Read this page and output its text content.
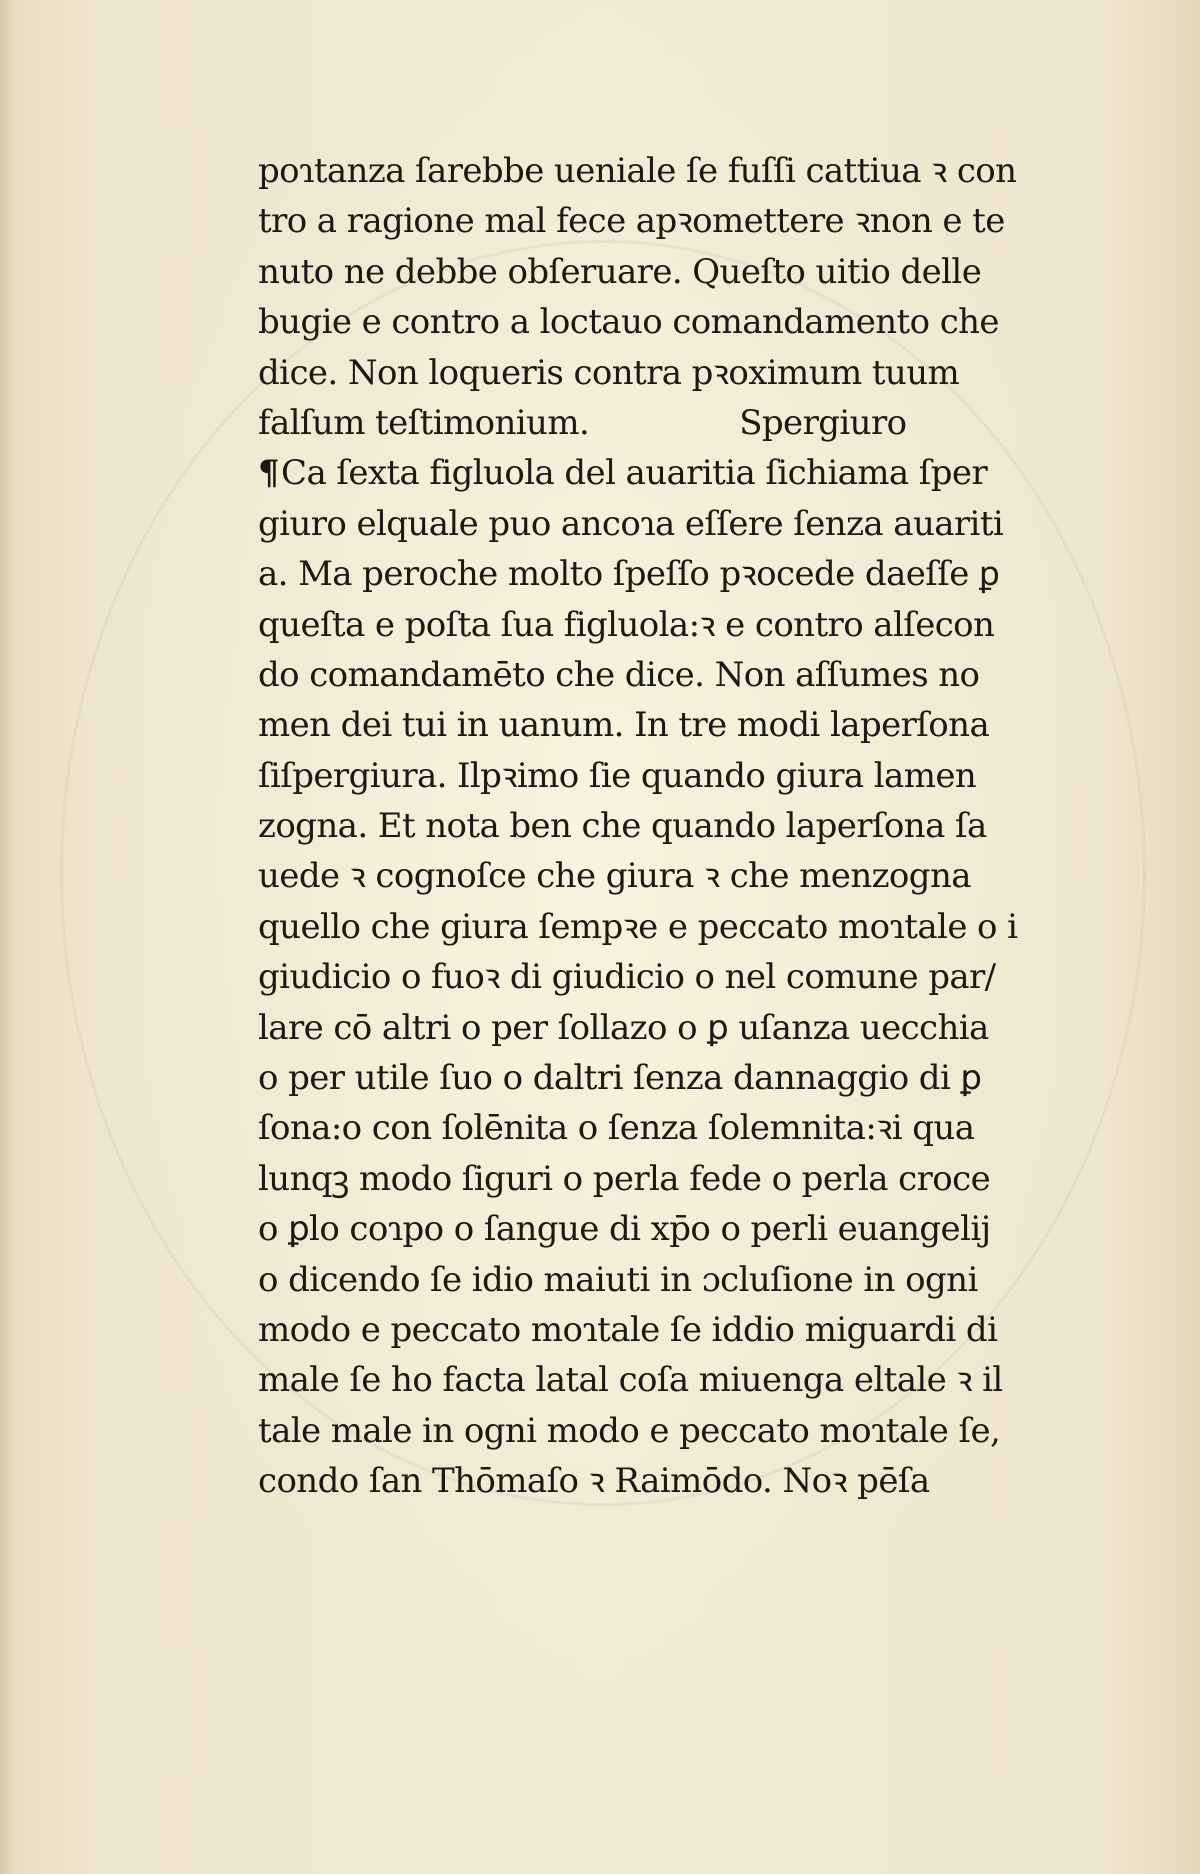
poɿtanza ſarebbe ueniale ſe fuſſi cattiua ꝛ con
tro a ragione mal fece apꝛomettere ꝛnon e te
nuto ne debbe obſeruare. Queſto uitio delle
bugie e contro a loctauo comandamento che
dice. Non loqueris contra pꝛoximum tuum
falſum teſtimonium.	Spergiuro
¶Ca ſexta figluola del auaritia ſichiama ſper
giuro elquale puo ancoɿa eſſere ſenza auariti
a. Ma peroche molto ſpeſſo pꝛocede daeſſe ꝑ
queſta e poſta ſua figluola:ꝛ e contro alſecon
do comandamēto che dice. Non aſſumes no
men dei tui in uanum. In tre modi laperſona
ſiſpergiura. Ilpꝛimo ſie quando giura lamen
zogna. Et nota ben che quando laperſona ſa
uede ꝛ cognoſce che giura ꝛ che menzogna
quello che giura ſempꝛe e peccato moɿtale o i
giudicio o fuoꝛ di giudicio o nel comune par/
lare cō altri o per ſollazo o ꝑ uſanza uecchia
o per utile ſuo o daltri ſenza dannaggio di ꝑ
ſona:o con ſolēnita o ſenza ſolemnita:ꝛi qua
lunqꝫ modo ſiguri o perla fede o perla croce
o ꝑlo coɿpo o ſangue di xp̄o o perli euangelij
o dicendo ſe idio maiuti in ɔcluſione in ogni
modo e peccato moɿtale ſe iddio miguardi di
male ſe ho facta latal coſa miuenga eltale ꝛ il
tale male in ogni modo e peccato moɿtale ſe,
condo ſan Thōmaſo ꝛ Raimōdo. Noꝛ pēſa
